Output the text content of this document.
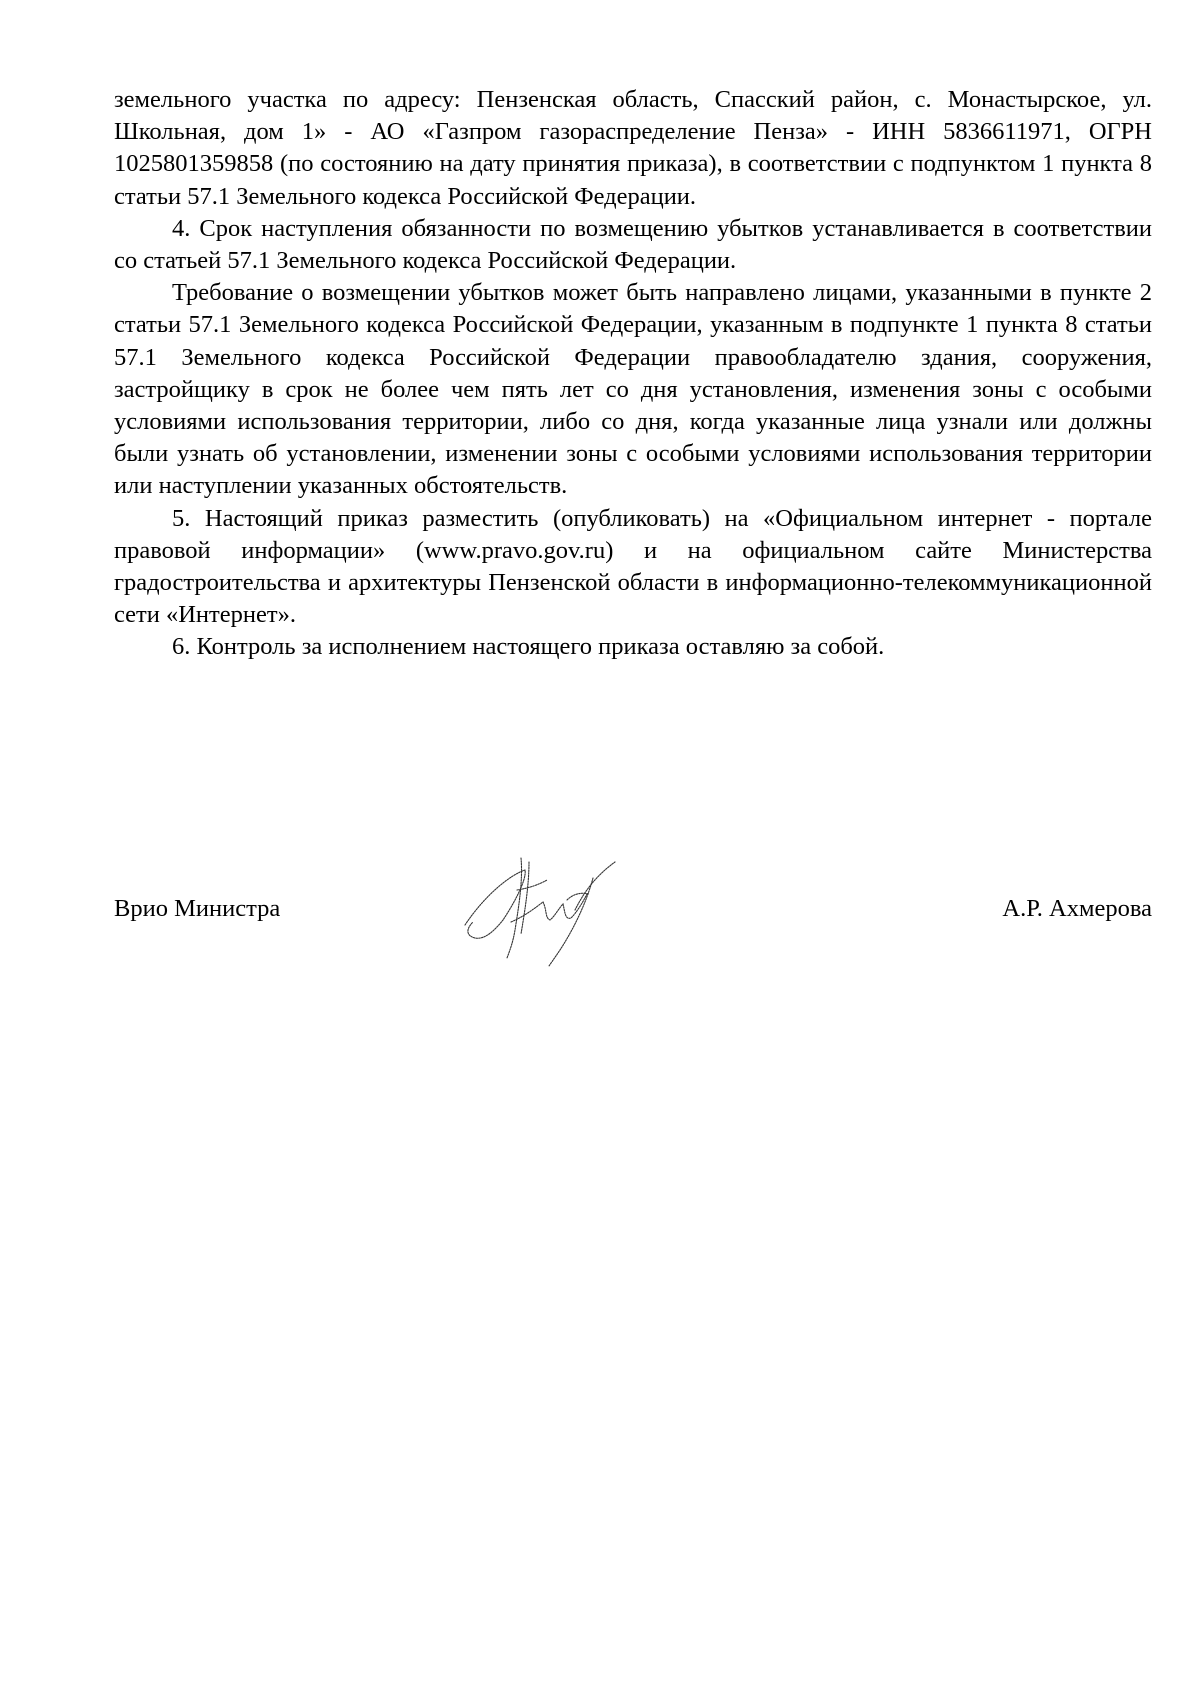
земельного участка по адресу: Пензенская область, Спасский район, с. Монастырское, ул. Школьная, дом 1» - АО «Газпром газораспределение Пенза» - ИНН 5836611971, ОГРН 1025801359858 (по состоянию на дату принятия приказа), в соответствии с подпунктом 1 пункта 8 статьи 57.1 Земельного кодекса Российской Федерации.

4. Срок наступления обязанности по возмещению убытков устанавливается в соответствии со статьей 57.1 Земельного кодекса Российской Федерации.

Требование о возмещении убытков может быть направлено лицами, указанными в пункте 2 статьи 57.1 Земельного кодекса Российской Федерации, указанным в подпункте 1 пункта 8 статьи 57.1 Земельного кодекса Российской Федерации правообладателю здания, сооружения, застройщику в срок не более чем пять лет со дня установления, изменения зоны с особыми условиями использования территории, либо со дня, когда указанные лица узнали или должны были узнать об установлении, изменении зоны с особыми условиями использования территории или наступлении указанных обстоятельств.

5. Настоящий приказ разместить (опубликовать) на «Официальном интернет - портале правовой информации» (www.pravo.gov.ru) и на официальном сайте Министерства градостроительства и архитектуры Пензенской области в информационно-телекоммуникационной сети «Интернет».

6. Контроль за исполнением настоящего приказа оставляю за собой.

Врио Министра	А.Р. Ахмерова
